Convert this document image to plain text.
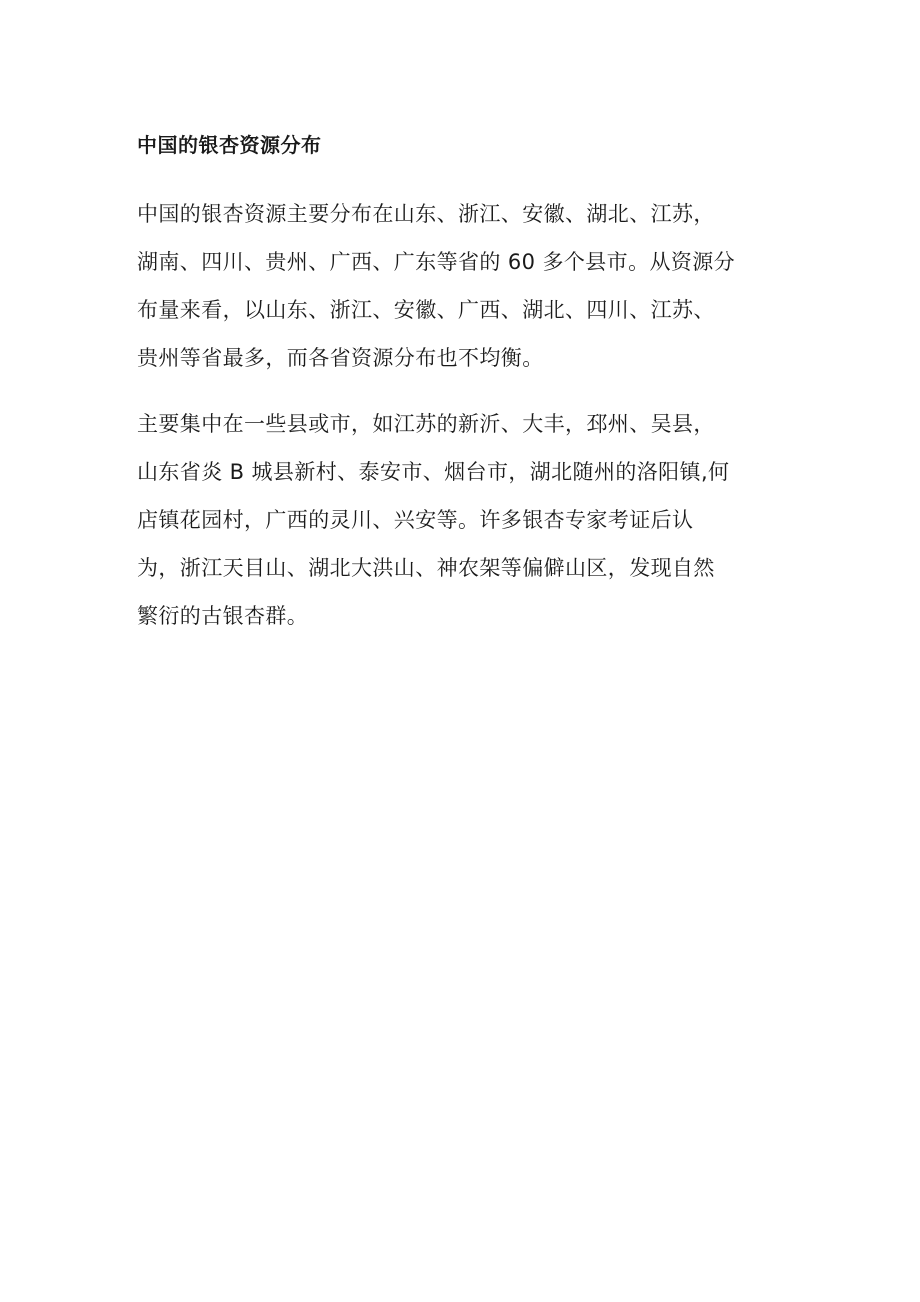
中国的银杏资源分布
中国的银杏资源主要分布在山东、浙江、安徽、湖北、江苏，
湖南、四川、贵州、广西、广东等省的 60 多个县市。从资源分
布量来看，以山东、浙江、安徽、广西、湖北、四川、江苏、
贵州等省最多，而各省资源分布也不均衡。
主要集中在一些县或市，如江苏的新沂、大丰，邳州、吴县，
山东省炎 B 城县新村、泰安市、烟台市，湖北随州的洛阳镇,何
店镇花园村，广西的灵川、兴安等。许多银杏专家考证后认
为，浙江天目山、湖北大洪山、神农架等偏僻山区，发现自然
繁衍的古银杏群。
